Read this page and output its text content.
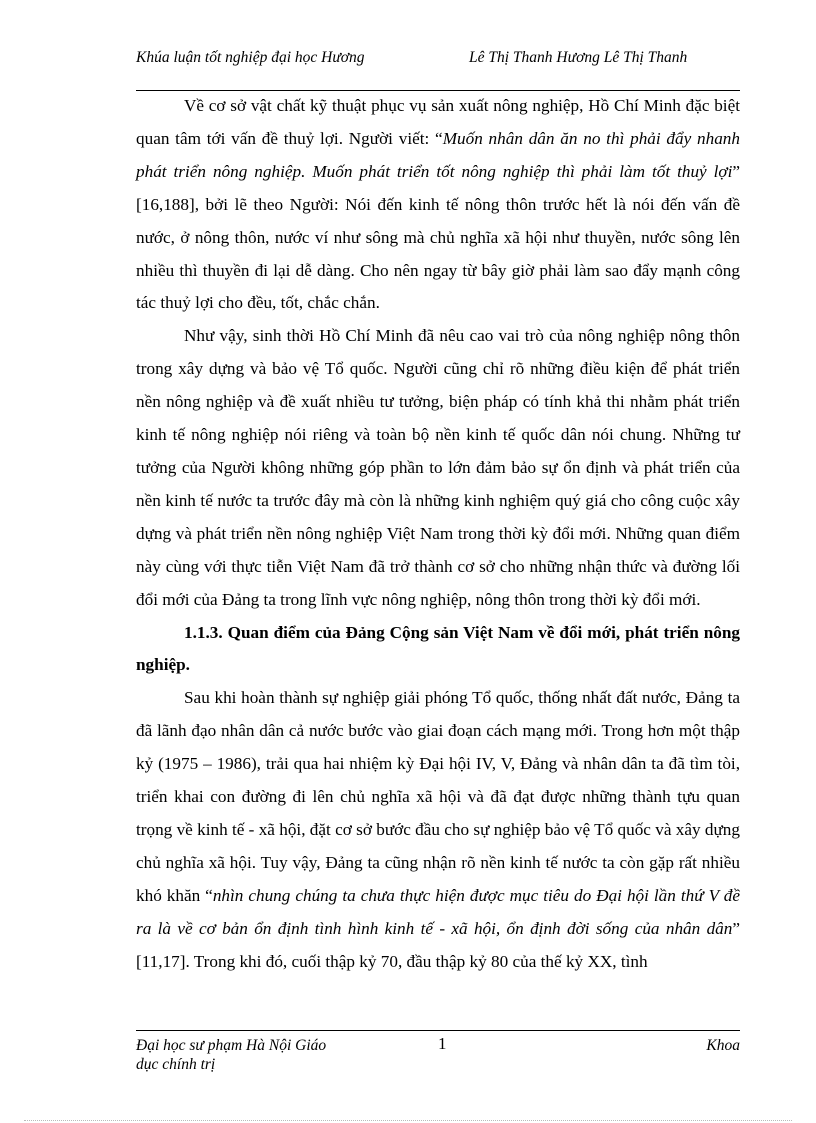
Khúa luận tốt nghiệp đại học Hương	Lê Thị Thanh Hương Lê Thị Thanh

Về cơ sở vật chất kỹ thuật phục vụ sản xuất nông nghiệp, Hồ Chí Minh đặc biệt quan tâm tới vấn đề thuỷ lợi. Người viết: “Muốn nhân dân ăn no thì phải đẩy nhanh phát triển nông nghiệp. Muốn phát triển tốt nông nghiệp thì phải làm tốt thuỷ lợi” [16,188], bởi lẽ theo Người: Nói đến kinh tế nông thôn trước hết là nói đến vấn đề nước, ở nông thôn, nước ví như sông mà chủ nghĩa xã hội như thuyền, nước sông lên nhiều thì thuyền đi lại dễ dàng. Cho nên ngay từ bây giờ phải làm sao đẩy mạnh công tác thuỷ lợi cho đều, tốt, chắc chắn.

Như vậy, sinh thời Hồ Chí Minh đã nêu cao vai trò của nông nghiệp nông thôn trong xây dựng và bảo vệ Tổ quốc. Người cũng chỉ rõ những điều kiện để phát triển nền nông nghiệp và đề xuất nhiều tư tưởng, biện pháp có tính khả thi nhằm phát triển kinh tế nông nghiệp nói riêng và toàn bộ nền kinh tế quốc dân nói chung. Những tư tưởng của Người không những góp phần to lớn đảm bảo sự ổn định và phát triển của nền kinh tế nước ta trước đây mà còn là những kinh nghiệm quý giá cho công cuộc xây dựng và phát triển nền nông nghiệp Việt Nam trong thời kỳ đổi mới. Những quan điểm này cùng với thực tiễn Việt Nam đã trở thành cơ sở cho những nhận thức và đường lối đổi mới của Đảng ta trong lĩnh vực nông nghiệp, nông thôn trong thời kỳ đổi mới.

1.1.3. Quan điểm của Đảng Cộng sản Việt Nam về đổi mới, phát triển nông nghiệp.

Sau khi hoàn thành sự nghiệp giải phóng Tổ quốc, thống nhất đất nước, Đảng ta đã lãnh đạo nhân dân cả nước bước vào giai đoạn cách mạng mới. Trong hơn một thập kỷ (1975 – 1986), trải qua hai nhiệm kỳ Đại hội IV, V, Đảng và nhân dân ta đã tìm tòi, triển khai con đường đi lên chủ nghĩa xã hội và đã đạt được những thành tựu quan trọng về kinh tế - xã hội, đặt cơ sở bước đầu cho sự nghiệp bảo vệ Tổ quốc và xây dựng chủ nghĩa xã hội. Tuy vậy, Đảng ta cũng nhận rõ nền kinh tế nước ta còn gặp rất nhiều khó khăn “nhìn chung chúng ta chưa thực hiện được mục tiêu do Đại hội lần thứ V đề ra là về cơ bản ổn định tình hình kinh tế - xã hội, ổn định đời sống của nhân dân” [11,17]. Trong khi đó, cuối thập kỷ 70, đầu thập kỷ 80 của thế kỷ XX, tình

Đại học sư phạm Hà Nội Giáo dục chính trị
1	Khoa
